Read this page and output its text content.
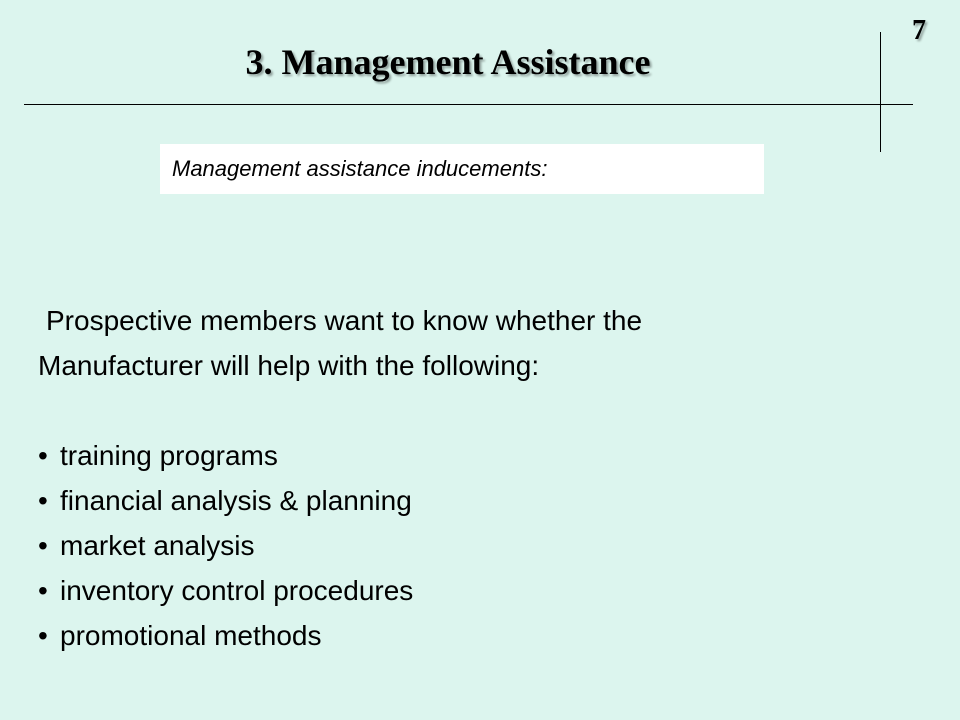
3. Management Assistance
7
Management assistance inducements:

Prospective members want to know whether the
Manufacturer will help with the following:

• training programs
• financial analysis & planning
• market analysis
• inventory control procedures
• promotional methods
